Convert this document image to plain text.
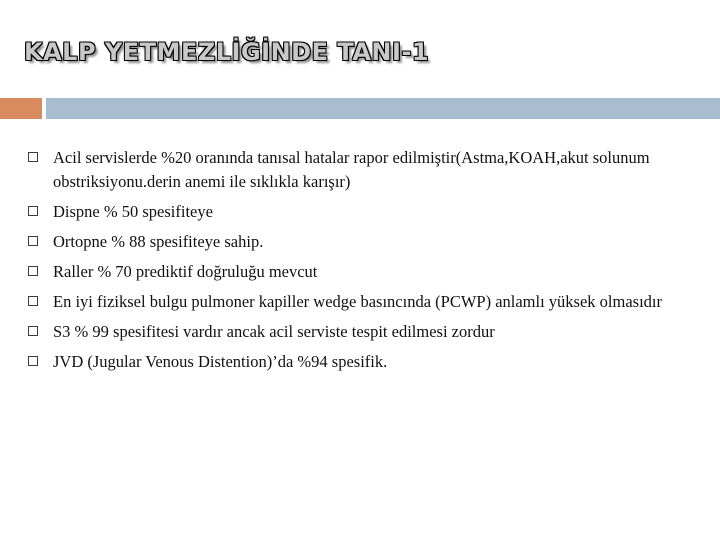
KALP YETMEZLİĞİNDE TANI-1
Acil servislerde %20 oranında tanısal hatalar rapor edilmiştir(Astma,KOAH,akut solunum obstriksiyonu.derin anemi ile sıklıkla karışır)
Dispne % 50 spesifiteye
Ortopne % 88 spesifiteye sahip.
Raller % 70 prediktif doğruluğu mevcut
En iyi fiziksel bulgu pulmoner kapiller wedge basıncında (PCWP) anlamlı yüksek olmasıdır
S3 % 99 spesifitesi vardır ancak acil serviste tespit edilmesi zordur
JVD (Jugular Venous Distention)’da %94 spesifik.
